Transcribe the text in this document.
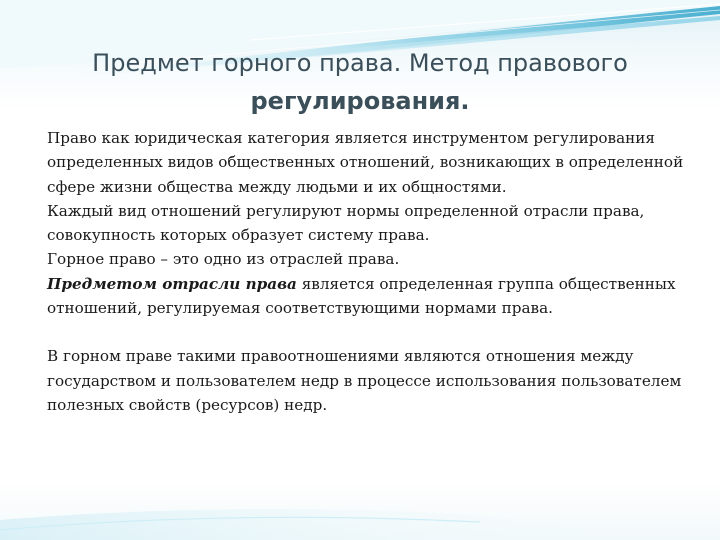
Предмет горного права. Метод правового
регулирования.

Право как юридическая категория является инструментом регулирования определенных видов общественных отношений, возникающих в определенной сфере жизни общества между людьми и их общностями.

Каждый вид отношений регулируют нормы определенной отрасли права, совокупность которых образует систему права.

Горное право – это одно из отраслей права.

Предметом отрасли права является определенная группа общественных отношений, регулируемая соответствующими нормами права.

В горном праве такими правоотношениями являются отношения между государством и пользователем недр в процессе использования пользователем полезных свойств (ресурсов) недр.
